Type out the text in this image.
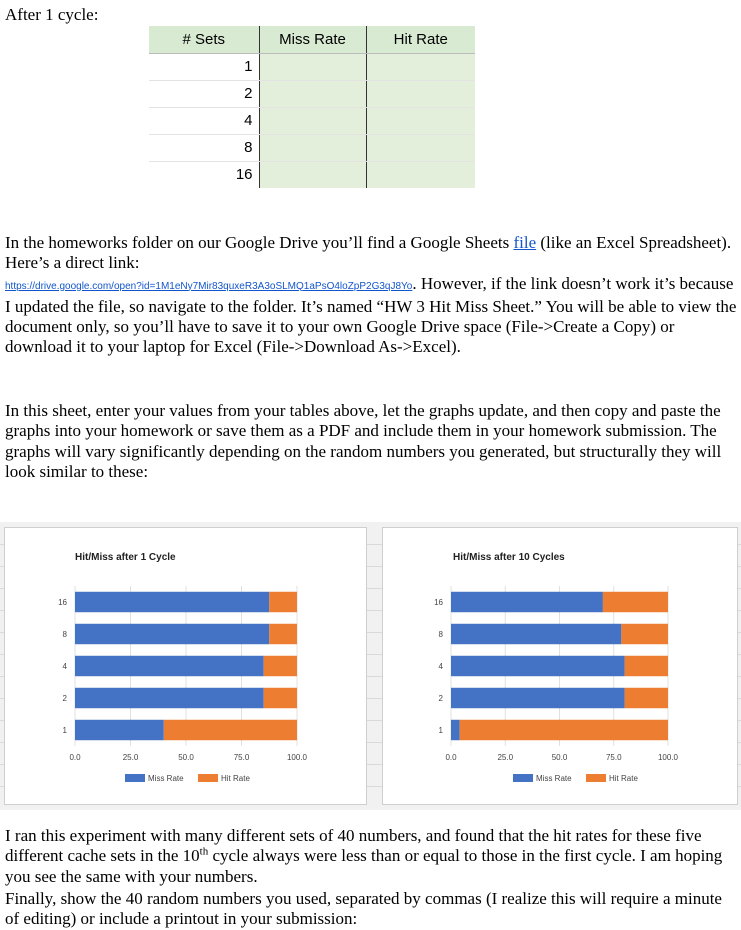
After 1 cycle:
# Sets	Miss Rate	Hit Rate
1		
2		
4		
8		
16		
In the homeworks folder on our Google Drive you’ll find a Google Sheets file (like an Excel Spreadsheet). Here’s a direct link:
https://drive.google.com/open?id=1M1eNy7Mir83quxeR3A3oSLMQ1aPsO4loZpP2G3qJ8Yo. However, if the link doesn’t work it’s because I updated the file, so navigate to the folder. It’s named “HW 3 Hit Miss Sheet.” You will be able to view the document only, so you’ll have to save it to your own Google Drive space (File->Create a Copy) or download it to your laptop for Excel (File->Download As->Excel).
In this sheet, enter your values from your tables above, let the graphs update, and then copy and paste the graphs into your homework or save them as a PDF and include them in your homework submission. The graphs will vary significantly depending on the random numbers you generated, but structurally they will look similar to these:
Hit/Miss after 1 Cycle
0.0	25.0	50.0	75.0	100.0
16
8
4
2
1
Miss Rate	Hit Rate
Hit/Miss after 10 Cycles
0.0	25.0	50.0	75.0	100.0
16
8
4
2
1
Miss Rate	Hit Rate
I ran this experiment with many different sets of 40 numbers, and found that the hit rates for these five different cache sets in the 10th cycle always were less than or equal to those in the first cycle. I am hoping you see the same with your numbers.
Finally, show the 40 random numbers you used, separated by commas (I realize this will require a minute of editing) or include a printout in your submission:
